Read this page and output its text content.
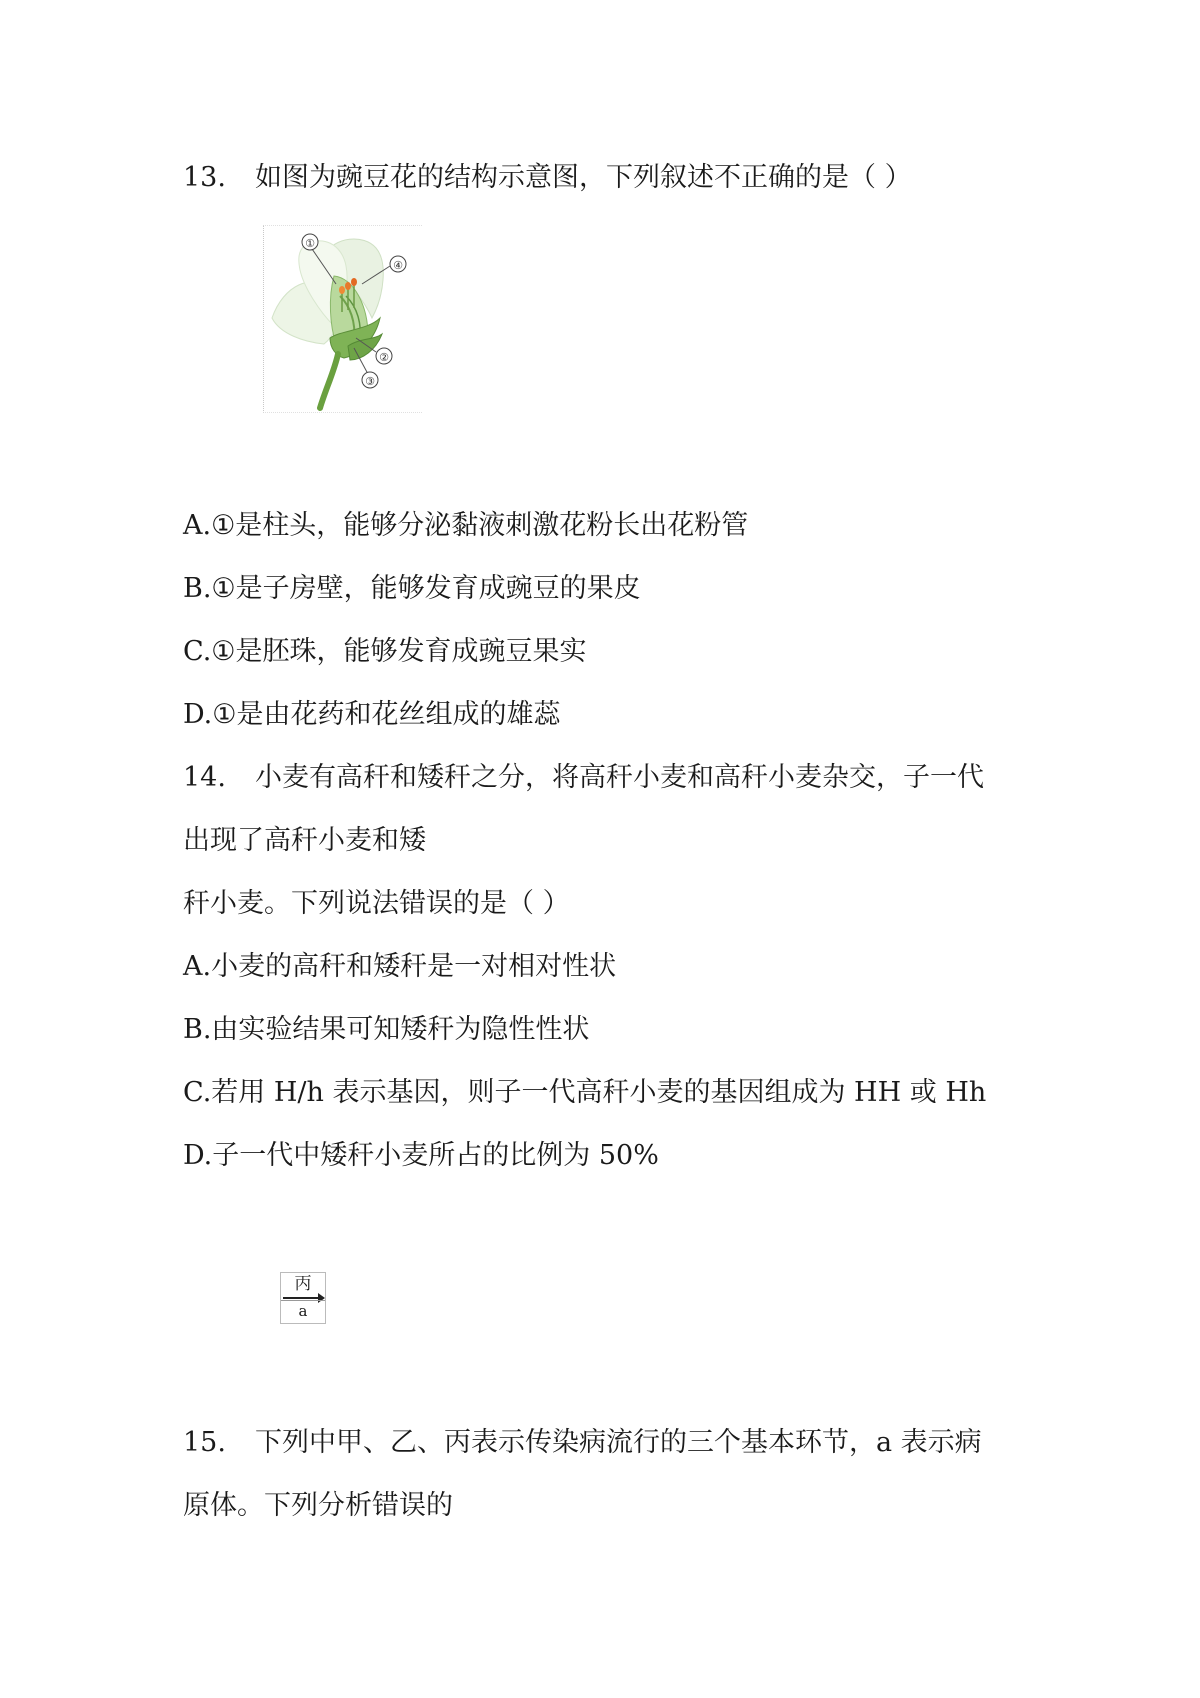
13. 如图为豌豆花的结构示意图，下列叙述不正确的是（ ）
①
④
②
③
A.①是柱头，能够分泌黏液刺激花粉长出花粉管
B.①是子房壁，能够发育成豌豆的果皮
C.①是胚珠，能够发育成豌豆果实
D.①是由花药和花丝组成的雄蕊
14. 小麦有高秆和矮秆之分，将高秆小麦和高秆小麦杂交，子一代
出现了高秆小麦和矮
秆小麦。下列说法错误的是（ ）
A.小麦的高秆和矮秆是一对相对性状
B.由实验结果可知矮秆为隐性性状
C.若用 H/h 表示基因，则子一代高秆小麦的基因组成为 HH 或 Hh
D.子一代中矮秆小麦所占的比例为 50%
丙
a
15. 下列中甲、乙、丙表示传染病流行的三个基本环节，a 表示病
原体。下列分析错误的
